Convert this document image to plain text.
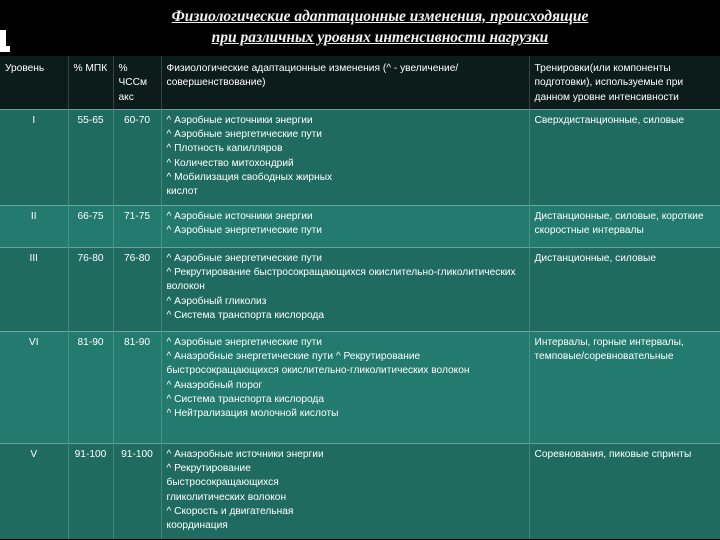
Физиологические адаптационные изменения, происходящие
при различных уровнях интенсивности нагрузки
Уровень	% МПК	% ЧССм акс	Физиологические адаптационные изменения (^ - увеличение/ совершенствование)	Тренировки(или компоненты подготовки), используемые при данном уровне интенсивности
I	55-65	60-70	^ Аэробные источники энергии
^ Аэробные энергетические пути
^ Плотность капилляров
^ Количество митохондрий
^ Мобилизация свободных жирных кислот	Сверхдистанционные, силовые
II	66-75	71-75	^ Аэробные источники энергии
^ Аэробные энергетические пути	Дистанционные, силовые, короткие скоростные интервалы
III	76-80	76-80	^ Аэробные энергетические пути
^ Рекрутирование быстросокращающихся окислительно-гликолитических волокон
^ Аэробный гликолиз
^ Система транспорта кислорода	Дистанционные, силовые
VI	81-90	81-90	^ Аэробные энергетические пути
^ Анаэробные энергетические пути ^ Рекрутирование быстросокращающихся окислительно-гликолитических волокон
^ Анаэробный порог
^ Система транспорта кислорода
^ Нейтрализация молочной кислоты	Интервалы, горные интервалы, темповые/соревновательные
V	91-100	91-100	^ Анаэробные источники энергии
^ Рекрутирование быстросокращающихся гликолитических волокон
^ Скорость и двигательная координация	Соревнования, пиковые спринты
